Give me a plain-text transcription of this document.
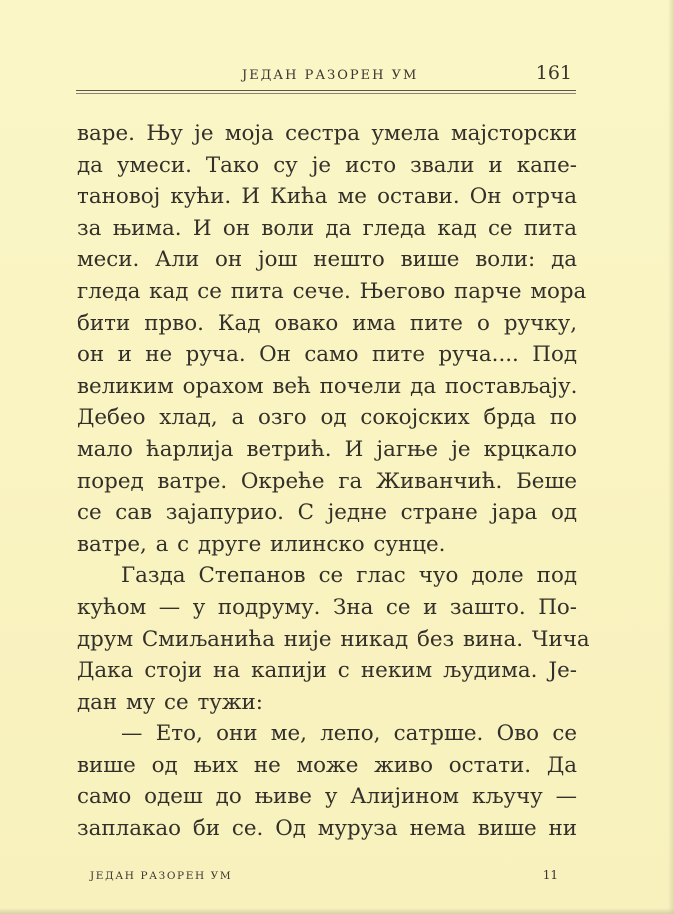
ЈЕДАН РАЗОРЕН УМ	161
варе. Њу је моја сестра умела мајсторски
да умеси. Тако су је исто звали и капе-
тановој кући. И Кића ме остави. Он отрча
за њима. И он воли да гледа кад се пита
меси. Али он још нешто више воли: да
гледа кад се пита сече. Његово парче мора
бити прво. Кад овако има пите о ручку,
он и не руча. Он само пите руча.... Под
великим орахом већ почели да постављају.
Дебео хлад, а озго од сокојских брда по
мало ћарлија ветрић. И јагње је крцкало
поред ватре. Окреће га Живанчић. Беше
се сав зајапурио. С једне стране јара од
ватре, а с друге илинско сунце.
Газда Степанов се глас чуо доле под
кућом — у подруму. Зна се и зашто. По-
друм Смиљанића није никад без вина. Чича
Дака стоји на капији с неким људима. Је-
дан му се тужи:
— Ето, они ме, лепо, сатрше. Ово се
више од њих не може живо остати. Да
само одеш до њиве у Алијином кључу —
заплакао би се. Од муруза нема више ни
ЈЕДАН РАЗОРЕН УМ	11
